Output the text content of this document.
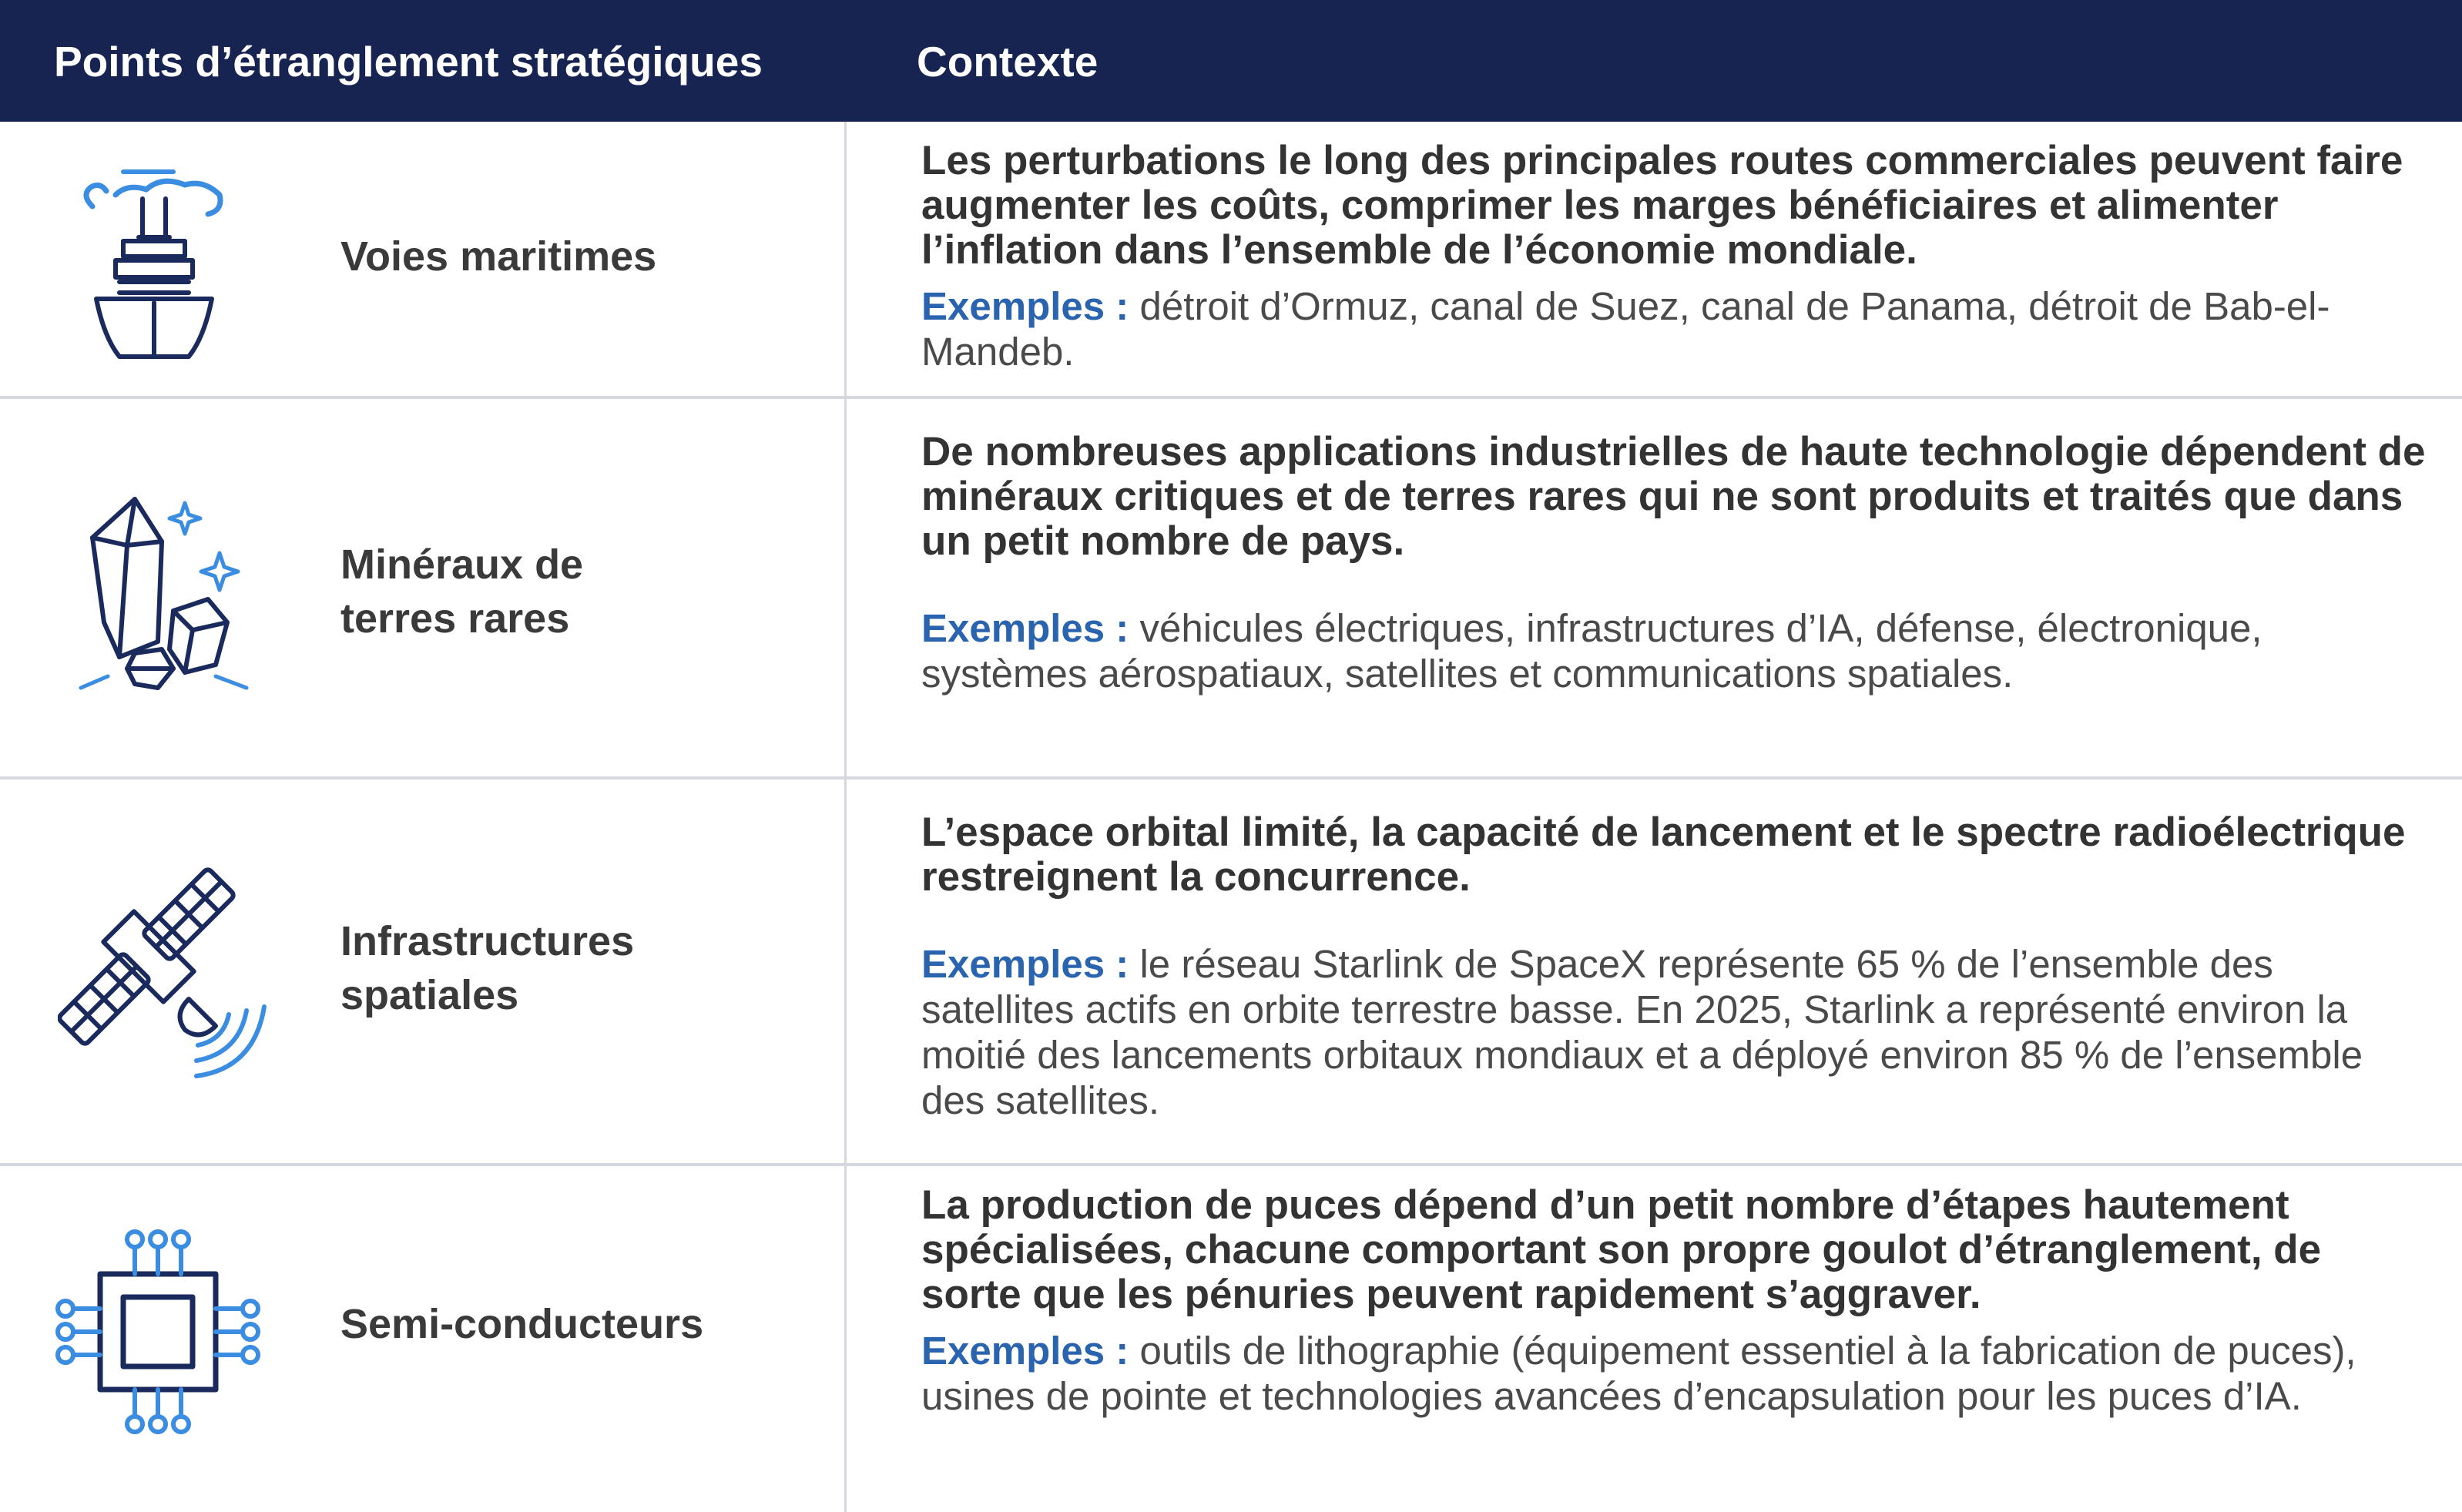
Points d’étranglement stratégiques	Contexte
Voies maritimes
Les perturbations le long des principales routes commerciales peuvent faire augmenter les coûts, comprimer les marges bénéficiaires et alimenter l’inflation dans l’ensemble de l’économie mondiale.
Exemples : détroit d’Ormuz, canal de Suez, canal de Panama, détroit de Bab-el-Mandeb.
Minéraux de
terres rares
De nombreuses applications industrielles de haute technologie dépendent de minéraux critiques et de terres rares qui ne sont produits et traités que dans un petit nombre de pays.
Exemples : véhicules électriques, infrastructures d’IA, défense, électronique, systèmes aérospatiaux, satellites et communications spatiales.
Infrastructures
spatiales
L’espace orbital limité, la capacité de lancement et le spectre radioélectrique restreignent la concurrence.
Exemples : le réseau Starlink de SpaceX représente 65 % de l’ensemble des satellites actifs en orbite terrestre basse. En 2025, Starlink a représenté environ la moitié des lancements orbitaux mondiaux et a déployé environ 85 % de l’ensemble des satellites.
Semi-conducteurs
La production de puces dépend d’un petit nombre d’étapes hautement spécialisées, chacune comportant son propre goulot d’étranglement, de sorte que les pénuries peuvent rapidement s’aggraver.
Exemples : outils de lithographie (équipement essentiel à la fabrication de puces), usines de pointe et technologies avancées d’encapsulation pour les puces d’IA.
